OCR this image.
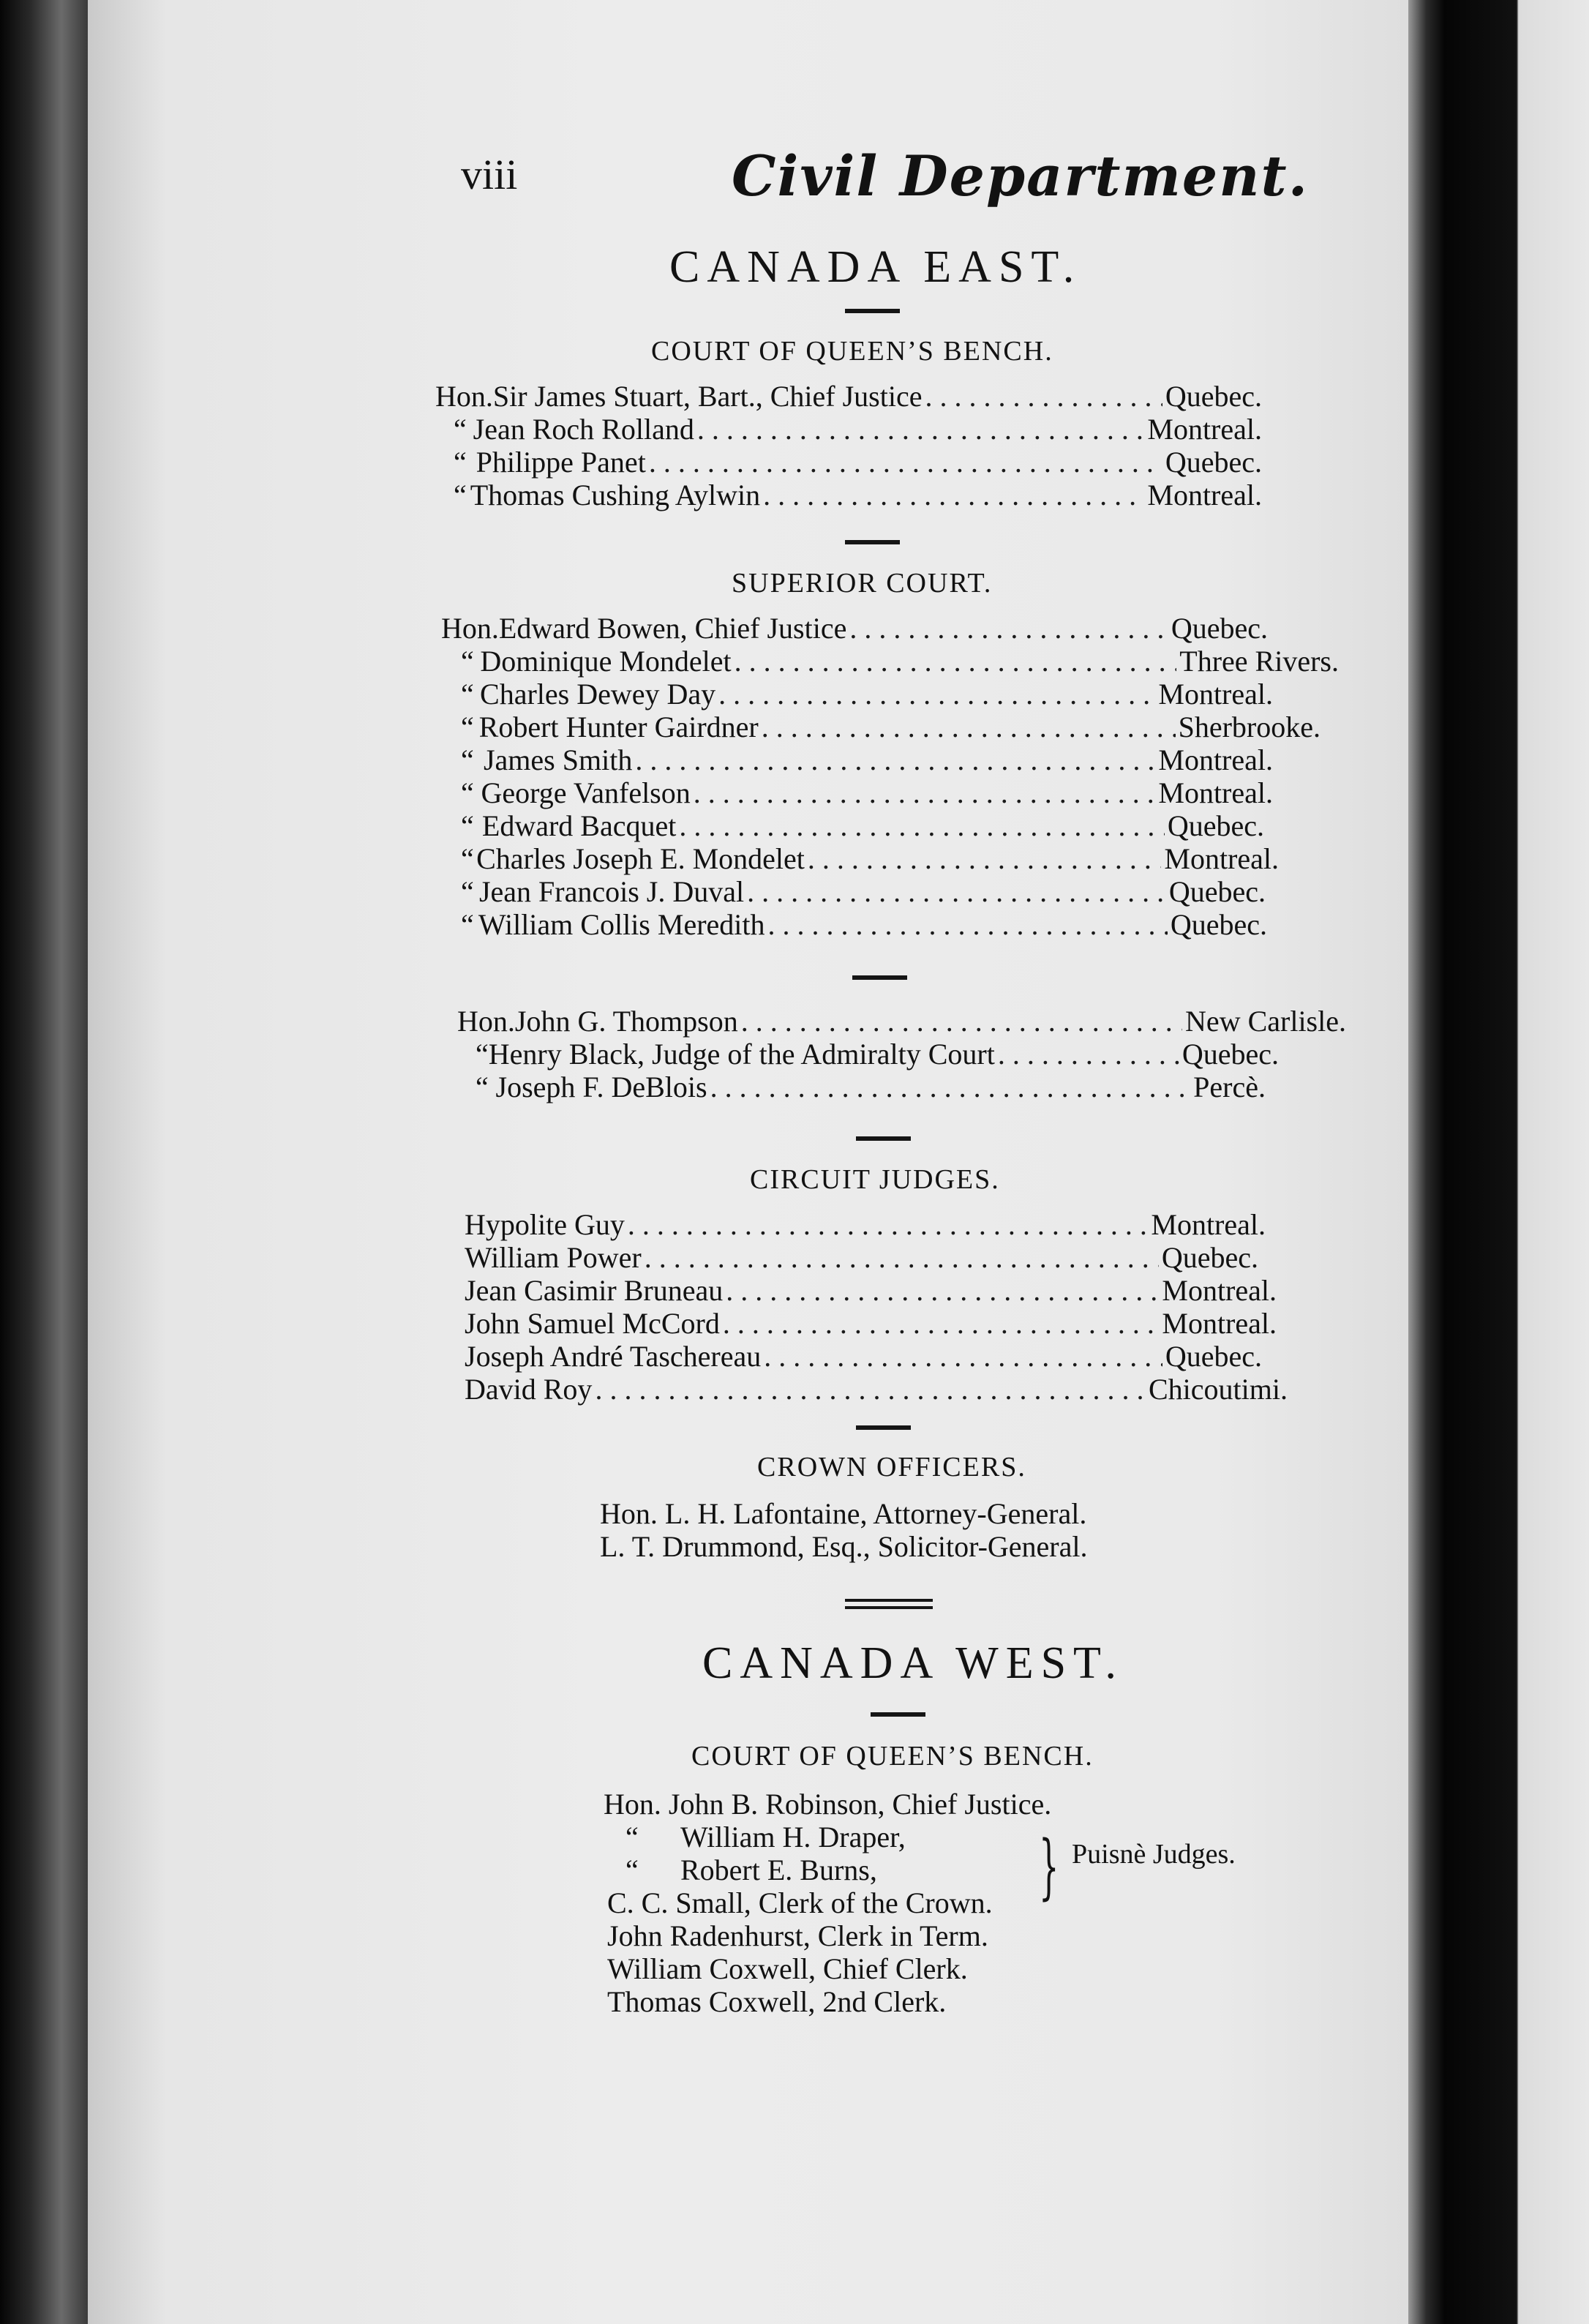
viii	Civil Department.
CANADA EAST.
COURT OF QUEEN’S BENCH.
Hon. Sir James Stuart, Bart., Chief Justice . . .	Quebec.
“ Jean Roch Rolland . . .	Montreal.
“ Philippe Panet . . .	Quebec.
“ Thomas Cushing Aylwin . . .	Montreal.
SUPERIOR COURT.
Hon. Edward Bowen, Chief Justice . . .	Quebec.
“ Dominique Mondelet . . .	Three Rivers.
“ Charles Dewey Day . . .	Montreal.
“ Robert Hunter Gairdner . . .	Sherbrooke.
“ James Smith . . .	Montreal.
“ George Vanfelson . . .	Montreal.
“ Edward Bacquet . . .	Quebec.
“ Charles Joseph E. Mondelet . . .	Montreal.
“ Jean Francois J. Duval . . .	Quebec.
“ William Collis Meredith . . .	Quebec.
Hon. John G. Thompson . . .	New Carlisle.
“ Henry Black, Judge of the Admiralty Court . . .	Quebec.
“ Joseph F. DeBlois . . .	Percè.
CIRCUIT JUDGES.
Hypolite Guy . . .	Montreal.
William Power . . .	Quebec.
Jean Casimir Bruneau . . .	Montreal.
John Samuel McCord . . .	Montreal.
Joseph André Taschereau . . .	Quebec.
David Roy . . .	Chicoutimi.
CROWN OFFICERS.
Hon. L. H. Lafontaine, Attorney-General.
L. T. Drummond, Esq., Solicitor-General.
CANADA WEST.
COURT OF QUEEN’S BENCH.
Hon. John B. Robinson, Chief Justice.
“ William H. Draper,
“ Robert E. Burns, } Puisnè Judges.
C. C. Small, Clerk of the Crown.
John Radenhurst, Clerk in Term.
William Coxwell, Chief Clerk.
Thomas Coxwell, 2nd Clerk.
